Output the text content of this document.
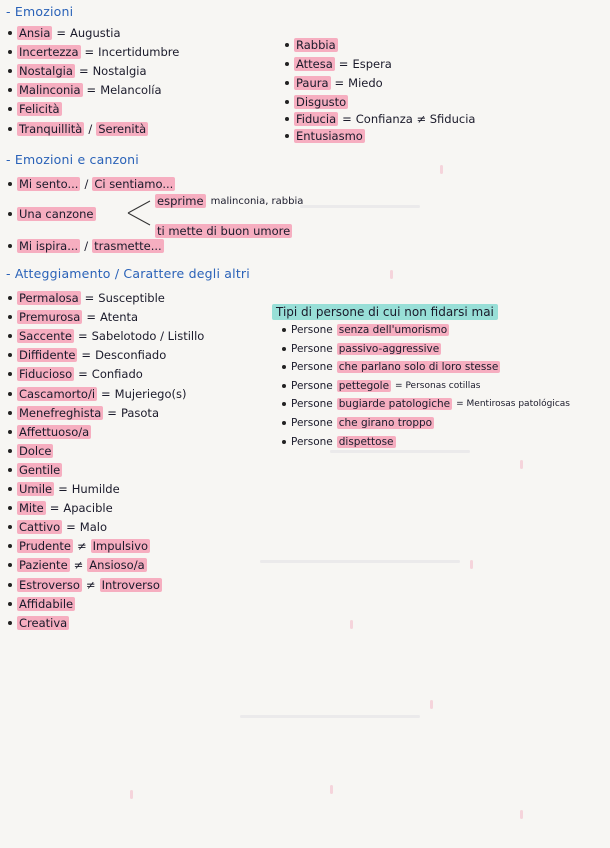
- Emozioni
Ansia = Augustia
Incertezza = Incertidumbre
Nostalgia = Nostalgia
Malinconia = Melancolía
Felicità
Tranquillità / Serenità
Rabbia
Attesa = Espera
Paura = Miedo
Disgusto
Fiducia = Confianza ≠ Sfiducia
Entusiasmo
- Emozioni e canzoni
Mi sento... / Ci sentiamo...
Una canzone
esprime malinconia, rabbia
ti mette di buon umore
Mi ispira... / trasmette...
- Atteggiamento / Carattere degli altri
Permalosa = Susceptible
Premurosa = Atenta
Saccente = Sabelotodo / Listillo
Diffidente = Desconfiado
Fiducioso = Confiado
Cascamorto/i = Mujeriego(s)
Menefreghista = Pasota
Affettuoso/a
Dolce
Gentile
Umile = Humilde
Mite = Apacible
Cattivo = Malo
Prudente ≠ Impulsivo
Paziente ≠ Ansioso/a
Estroverso ≠ Introverso
Affidabile
Creativa
Tipi di persone di cui non fidarsi mai
Persone senza dell'umorismo
Persone passivo-aggressive
Persone che parlano solo di loro stesse
Persone pettegole = Personas cotillas
Persone bugiarde patologiche = Mentirosas patológicas
Persone che girano troppo
Persone dispettose
